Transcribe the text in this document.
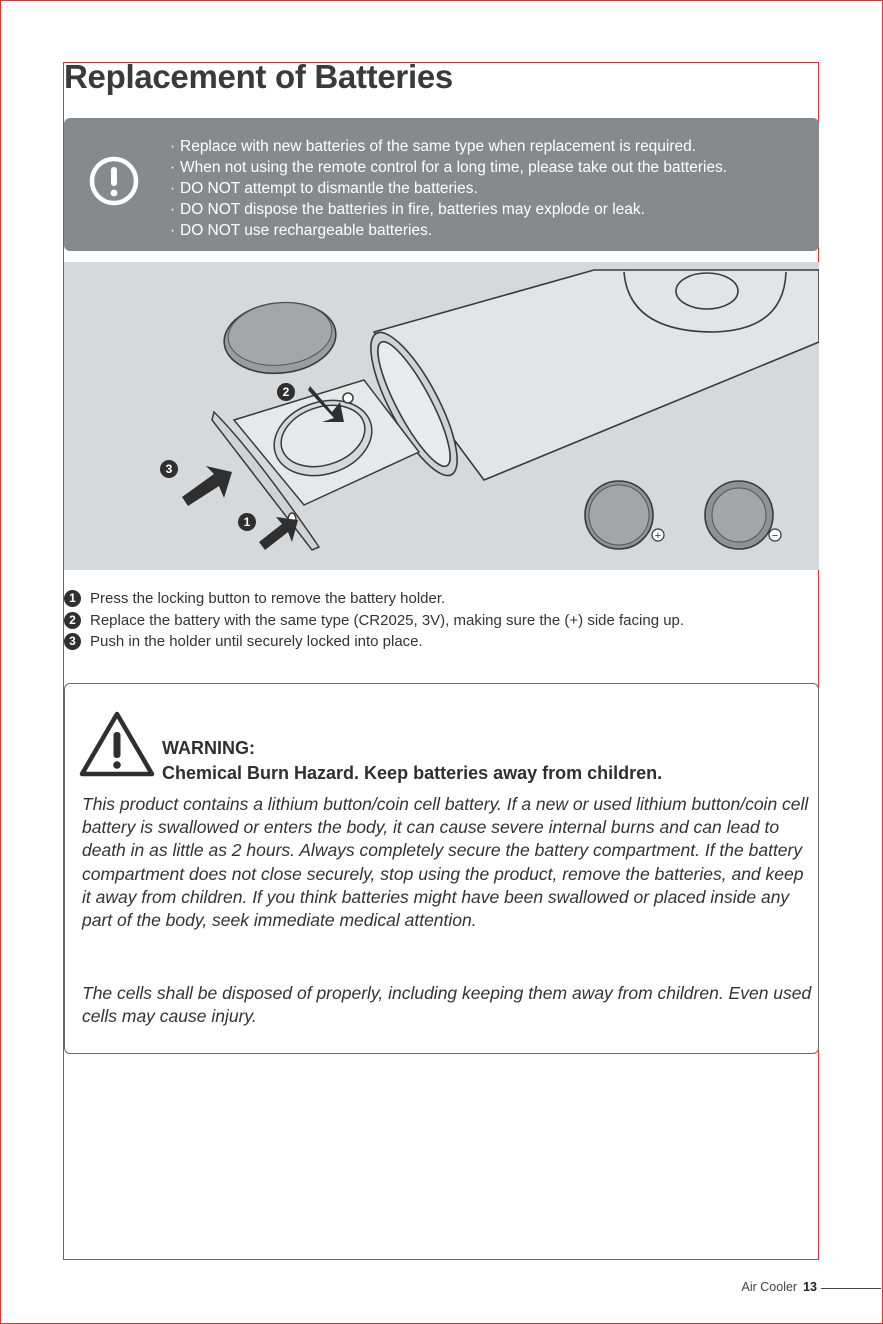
Replacement of Batteries
· Replace with new batteries of the same type when replacement is required.
· When not using the remote control for a long time, please take out the batteries.
· DO NOT attempt to dismantle the batteries.
· DO NOT dispose the batteries in fire, batteries may explode or leak.
· DO NOT use rechargeable batteries.
2
3
1
+	−
1 Press the locking button to remove the battery holder.
2 Replace the battery with the same type (CR2025, 3V), making sure the (+) side facing up.
3 Push in the holder until securely locked into place.
WARNING:
Chemical Burn Hazard. Keep batteries away from children.

This product contains a lithium button/coin cell battery. If a new or used lithium button/coin cell battery is swallowed or enters the body, it can cause severe internal burns and can lead to death in as little as 2 hours. Always completely secure the battery compartment. If the battery compartment does not close securely, stop using the product, remove the batteries, and keep it away from children. If you think batteries might have been swallowed or placed inside any part of the body, seek immediate medical attention.

The cells shall be disposed of properly, including keeping them away from children. Even used cells may cause injury.

Air Cooler 13
